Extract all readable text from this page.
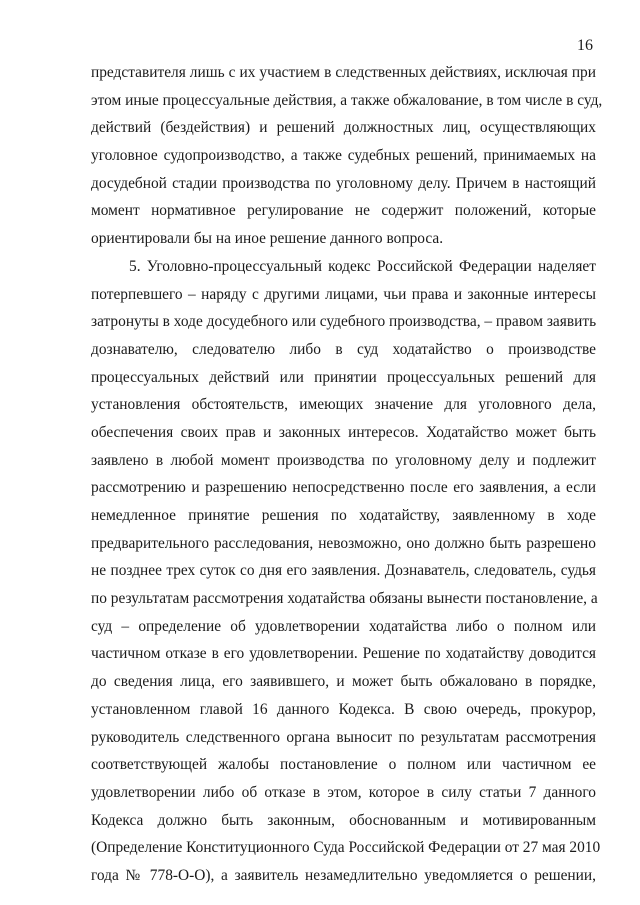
16
представителя лишь с их участием в следственных действиях, исключая при
этом иные процессуальные действия, а также обжалование, в том числе в суд,
действий (бездействия) и решений должностных лиц, осуществляющих
уголовное судопроизводство, а также судебных решений, принимаемых на
досудебной стадии производства по уголовному делу. Причем в настоящий
момент нормативное регулирование не содержит положений, которые
ориентировали бы на иное решение данного вопроса.
5. Уголовно-процессуальный кодекс Российской Федерации наделяет
потерпевшего – наряду с другими лицами, чьи права и законные интересы
затронуты в ходе досудебного или судебного производства, – правом заявить
дознавателю, следователю либо в суд ходатайство о производстве
процессуальных действий или принятии процессуальных решений для
установления обстоятельств, имеющих значение для уголовного дела,
обеспечения своих прав и законных интересов. Ходатайство может быть
заявлено в любой момент производства по уголовному делу и подлежит
рассмотрению и разрешению непосредственно после его заявления, а если
немедленное принятие решения по ходатайству, заявленному в ходе
предварительного расследования, невозможно, оно должно быть разрешено
не позднее трех суток со дня его заявления. Дознаватель, следователь, судья
по результатам рассмотрения ходатайства обязаны вынести постановление, а
суд – определение об удовлетворении ходатайства либо о полном или
частичном отказе в его удовлетворении. Решение по ходатайству доводится
до сведения лица, его заявившего, и может быть обжаловано в порядке,
установленном главой 16 данного Кодекса. В свою очередь, прокурор,
руководитель следственного органа выносит по результатам рассмотрения
соответствующей жалобы постановление о полном или частичном ее
удовлетворении либо об отказе в этом, которое в силу статьи 7 данного
Кодекса должно быть законным, обоснованным и мотивированным
(Определение Конституционного Суда Российской Федерации от 27 мая 2010
года № 778-О-О), а заявитель незамедлительно уведомляется о решении,
